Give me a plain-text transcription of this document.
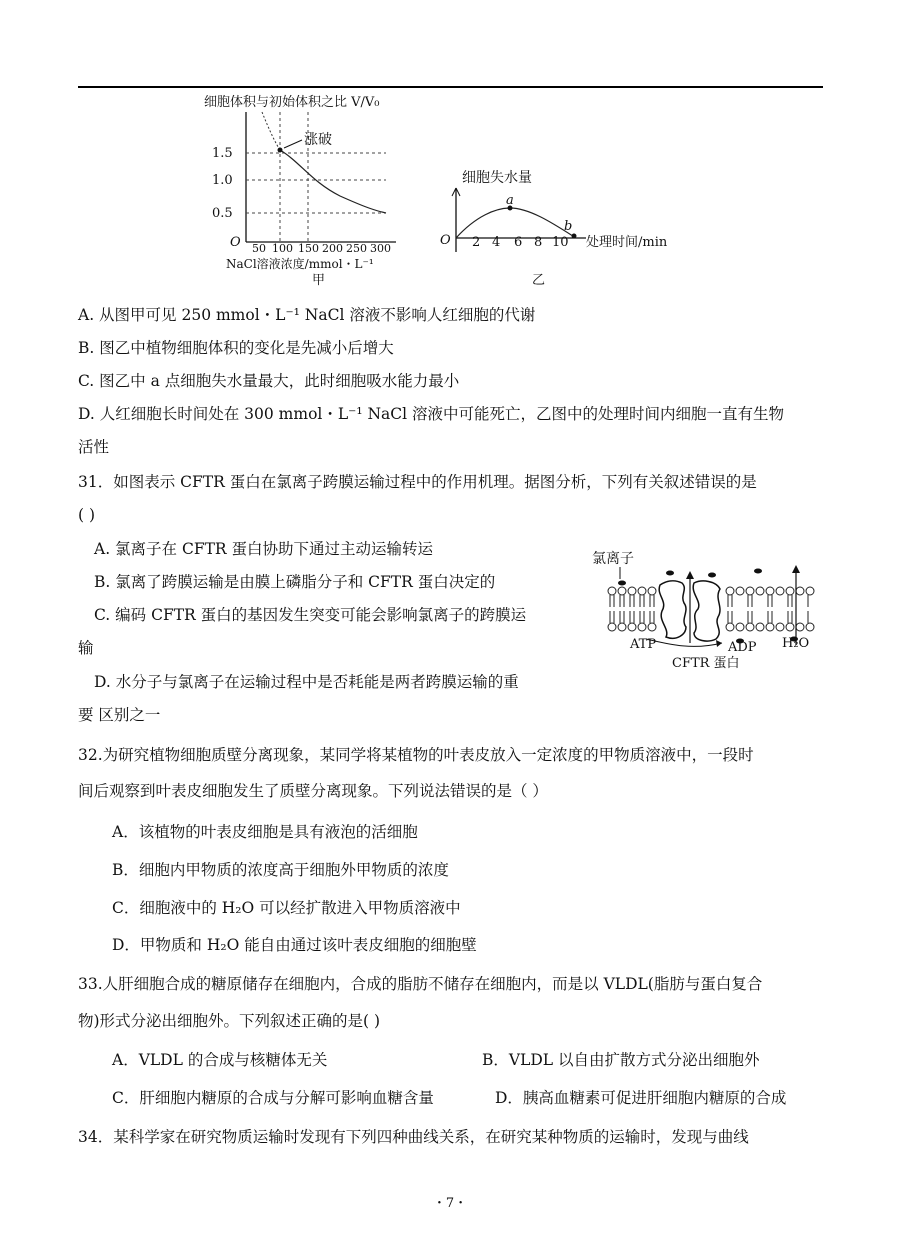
细胞体积与初始体积之比 V/V₀
涨破
1.5
1.0
0.5
O 50 100 150 200 250 300
NaCl溶液浓度/mmol・L⁻¹
甲
细胞失水量
a
b
O 2 4 6 8 10 处理时间/min
乙
氯离子
ATP	ADP H₂O
CFTR 蛋白
A. 从图甲可见 250 mmol・L⁻¹ NaCl 溶液不影响人红细胞的代谢
B. 图乙中植物细胞体积的变化是先减小后增大
C. 图乙中 a 点细胞失水量最大，此时细胞吸水能力最小
D. 人红细胞长时间处在 300 mmol・L⁻¹ NaCl 溶液中可能死亡，乙图中的处理时间内细胞一直有生物
活性
31．如图表示 CFTR 蛋白在氯离子跨膜运输过程中的作用机理。据图分析，下列有关叙述错误的是
( )
A. 氯离子在 CFTR 蛋白协助下通过主动运输转运
B. 氯离了跨膜运输是由膜上磷脂分子和 CFTR 蛋白决定的
C. 编码 CFTR 蛋白的基因发生突变可能会影响氯离子的跨膜运
输
D. 水分子与氯离子在运输过程中是否耗能是两者跨膜运输的重
要 区别之一
32.为研究植物细胞质壁分离现象，某同学将某植物的叶表皮放入一定浓度的甲物质溶液中，一段时
间后观察到叶表皮细胞发生了质壁分离现象。下列说法错误的是（ ）
A．该植物的叶表皮细胞是具有液泡的活细胞
B．细胞内甲物质的浓度高于细胞外甲物质的浓度
C．细胞液中的 H₂O 可以经扩散进入甲物质溶液中
D．甲物质和 H₂O 能自由通过该叶表皮细胞的细胞壁
33.人肝细胞合成的糖原储存在细胞内，合成的脂肪不储存在细胞内，而是以 VLDL(脂肪与蛋白复合
物)形式分泌出细胞外。下列叙述正确的是( )
A．VLDL 的合成与核糖体无关	B．VLDL 以自由扩散方式分泌出细胞外
C．肝细胞内糖原的合成与分解可影响血糖含量	D．胰高血糖素可促进肝细胞内糖原的合成
34．某科学家在研究物质运输时发现有下列四种曲线关系，在研究某种物质的运输时，发现与曲线
・7・
